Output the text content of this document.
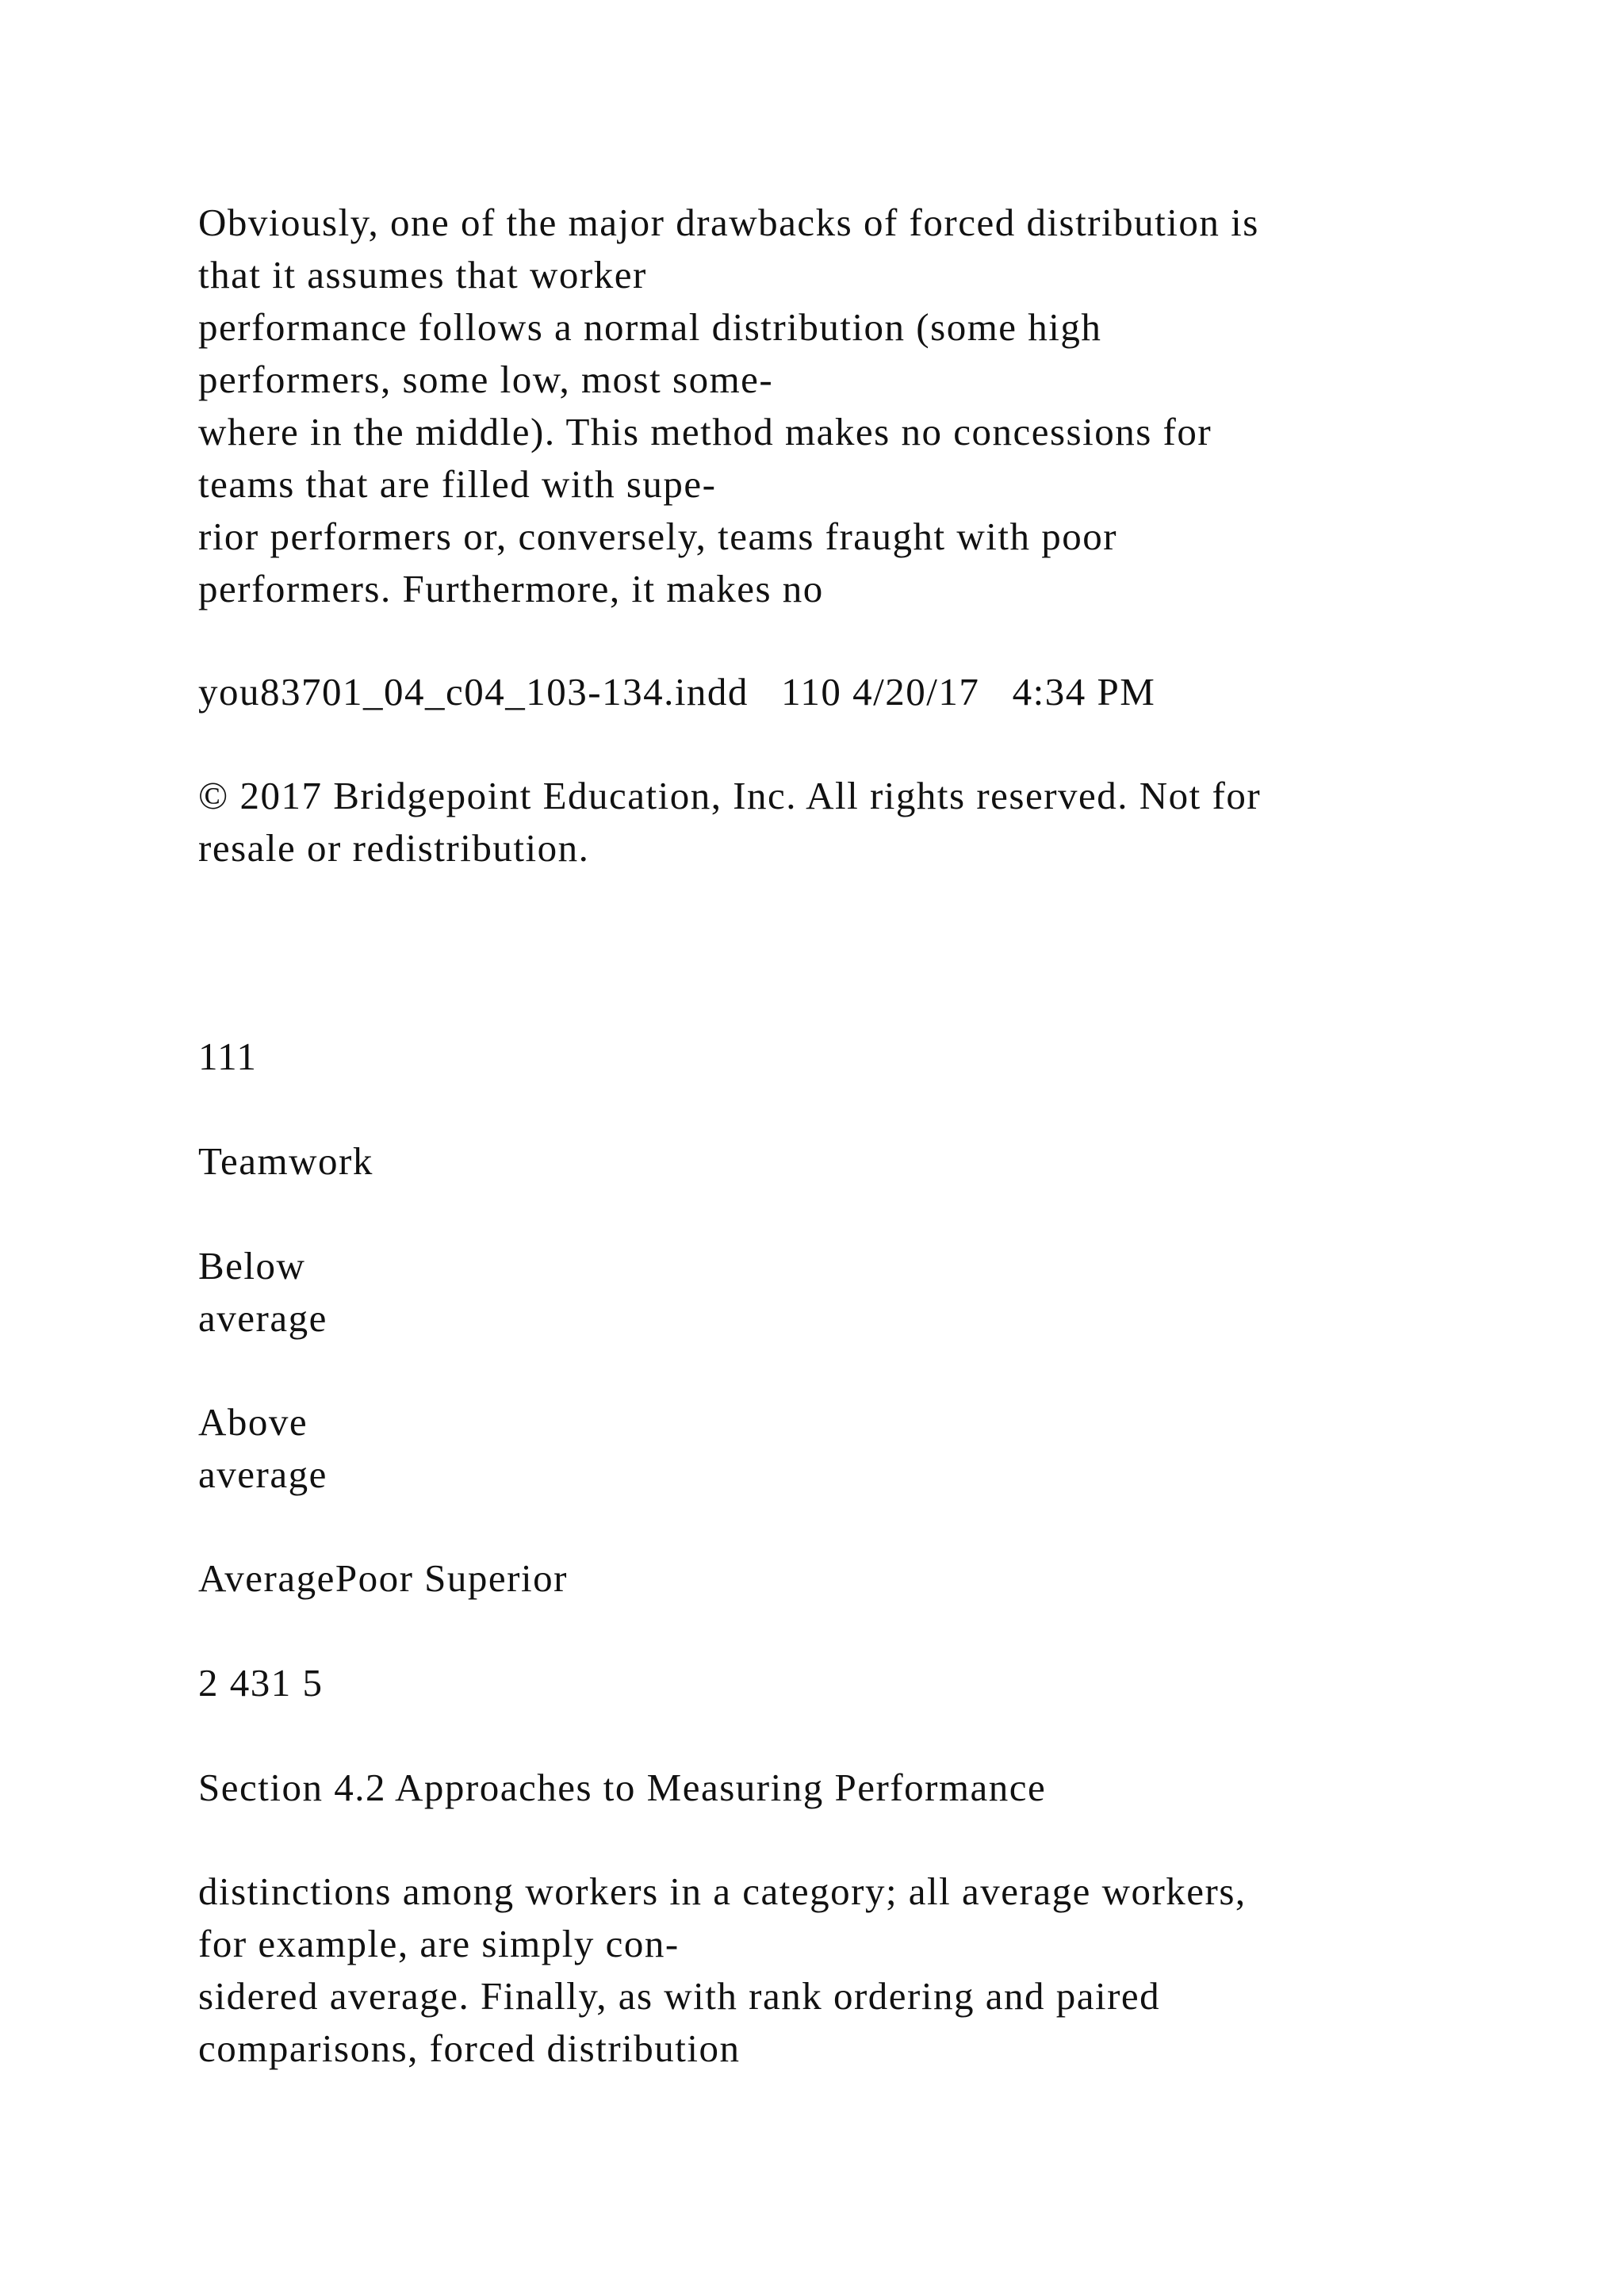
Obviously, one of the major drawbacks of forced distribution is
that it assumes that worker
performance follows a normal distribution (some high
performers, some low, most some-
where in the middle). This method makes no concessions for
teams that are filled with supe-
rior performers or, conversely, teams fraught with poor
performers. Furthermore, it makes no
you83701_04_c04_103-134.indd   110 4/20/17   4:34 PM
© 2017 Bridgepoint Education, Inc. All rights reserved. Not for
resale or redistribution.
111
Teamwork
Below
average
Above
average
AveragePoor Superior
2 431 5
Section 4.2 Approaches to Measuring Performance
distinctions among workers in a category; all average workers,
for example, are simply con-
sidered average. Finally, as with rank ordering and paired
comparisons, forced distribution
